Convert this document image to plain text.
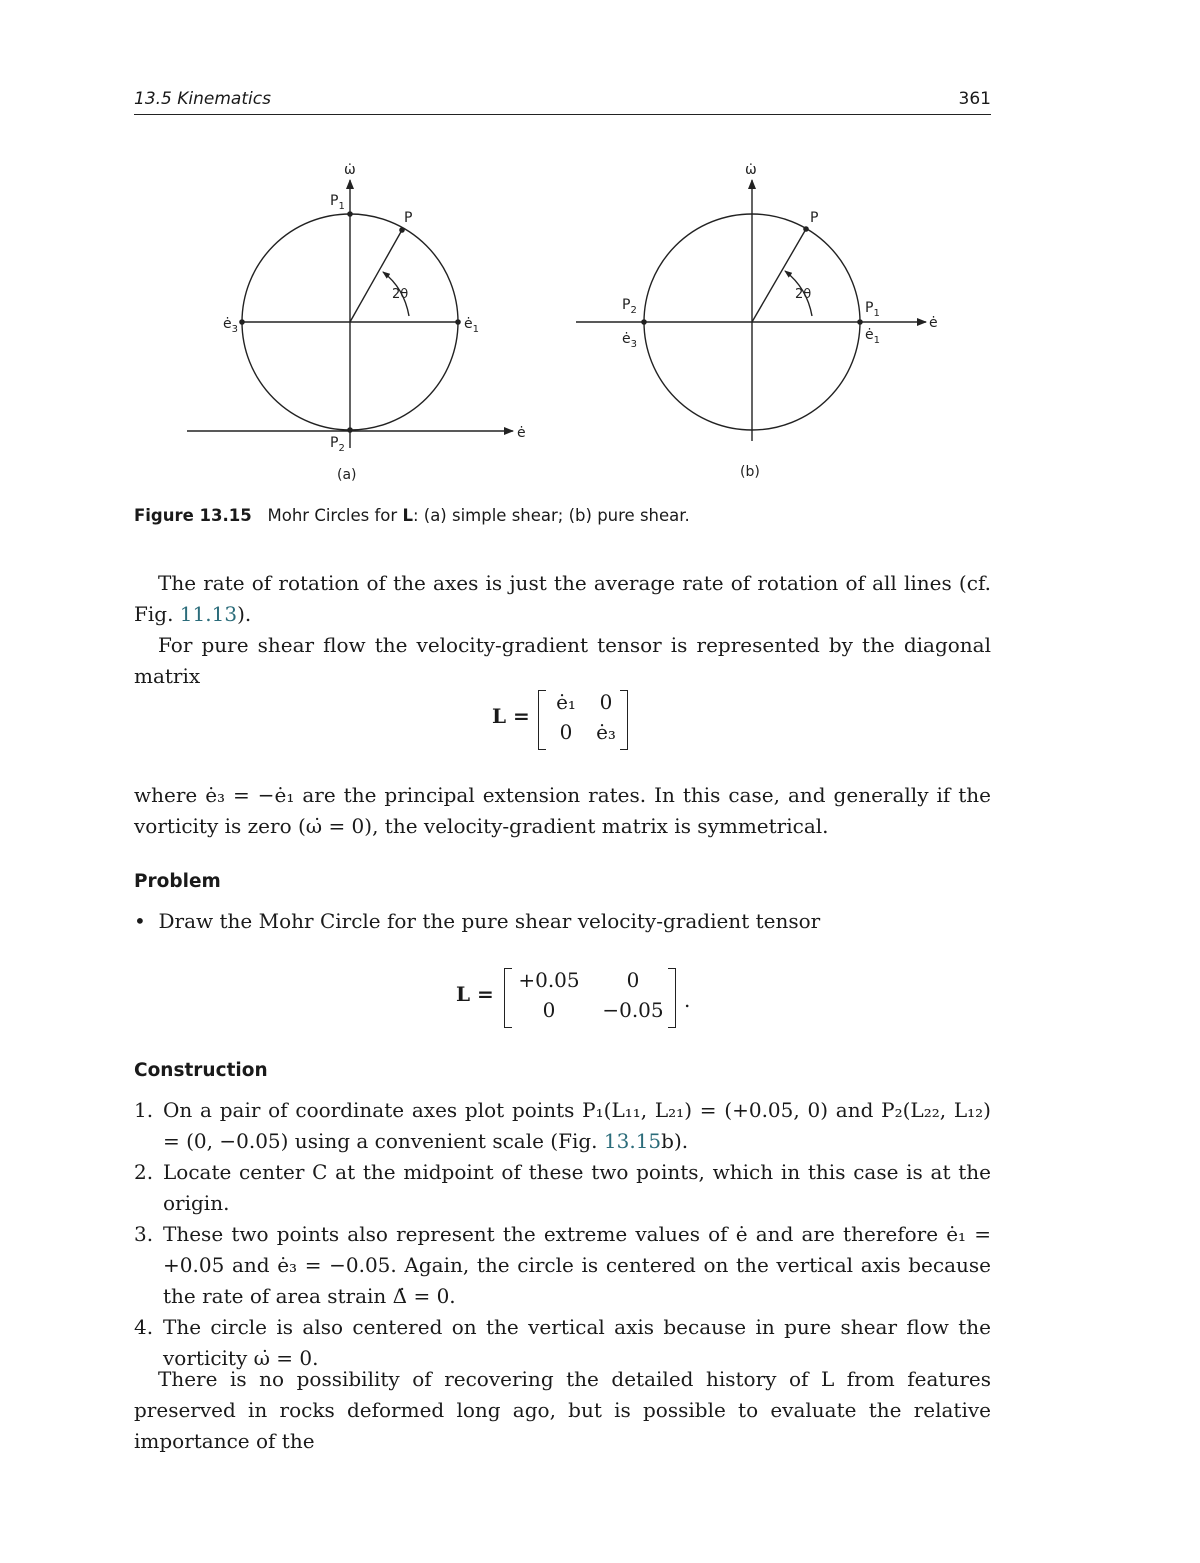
13.5 Kinematics	361
ω̇
$P_1$
P
2θ
$ė_3$	$ė_1$
$P_2$
ė
(a)
ω̇
P
2θ
$P_2$
$ė_3$
$P_1$
$ė_1$
ė
(b)
Figure 13.15 Mohr Circles for L: (a) simple shear; (b) pure shear.
The rate of rotation of the axes is just the average rate of rotation of all lines (cf. Fig. 11.13).
For pure shear flow the velocity-gradient tensor is represented by the diagonal matrix
L =
ė₁	0
0	ė₃
where ė₃ = −ė₁ are the principal extension rates. In this case, and generally if the vorticity is zero (ω̇ = 0), the velocity-gradient matrix is symmetrical.
Problem
• Draw the Mohr Circle for the pure shear velocity-gradient tensor
L =
+0.05	0
0	−0.05	.
Construction
1. On a pair of coordinate axes plot points P₁(L₁₁, L₂₁) = (+0.05, 0) and P₂(L₂₂, L₁₂) = (0, −0.05) using a convenient scale (Fig. 13.15b).
2. Locate center C at the midpoint of these two points, which in this case is at the origin.
3. These two points also represent the extreme values of ė and are therefore ė₁ = +0.05 and ė₃ = −0.05. Again, the circle is centered on the vertical axis because the rate of area strain Δ̇ = 0.
4. The circle is also centered on the vertical axis because in pure shear flow the vorticity ω̇ = 0.
There is no possibility of recovering the detailed history of L from features preserved in rocks deformed long ago, but is possible to evaluate the relative importance of the
